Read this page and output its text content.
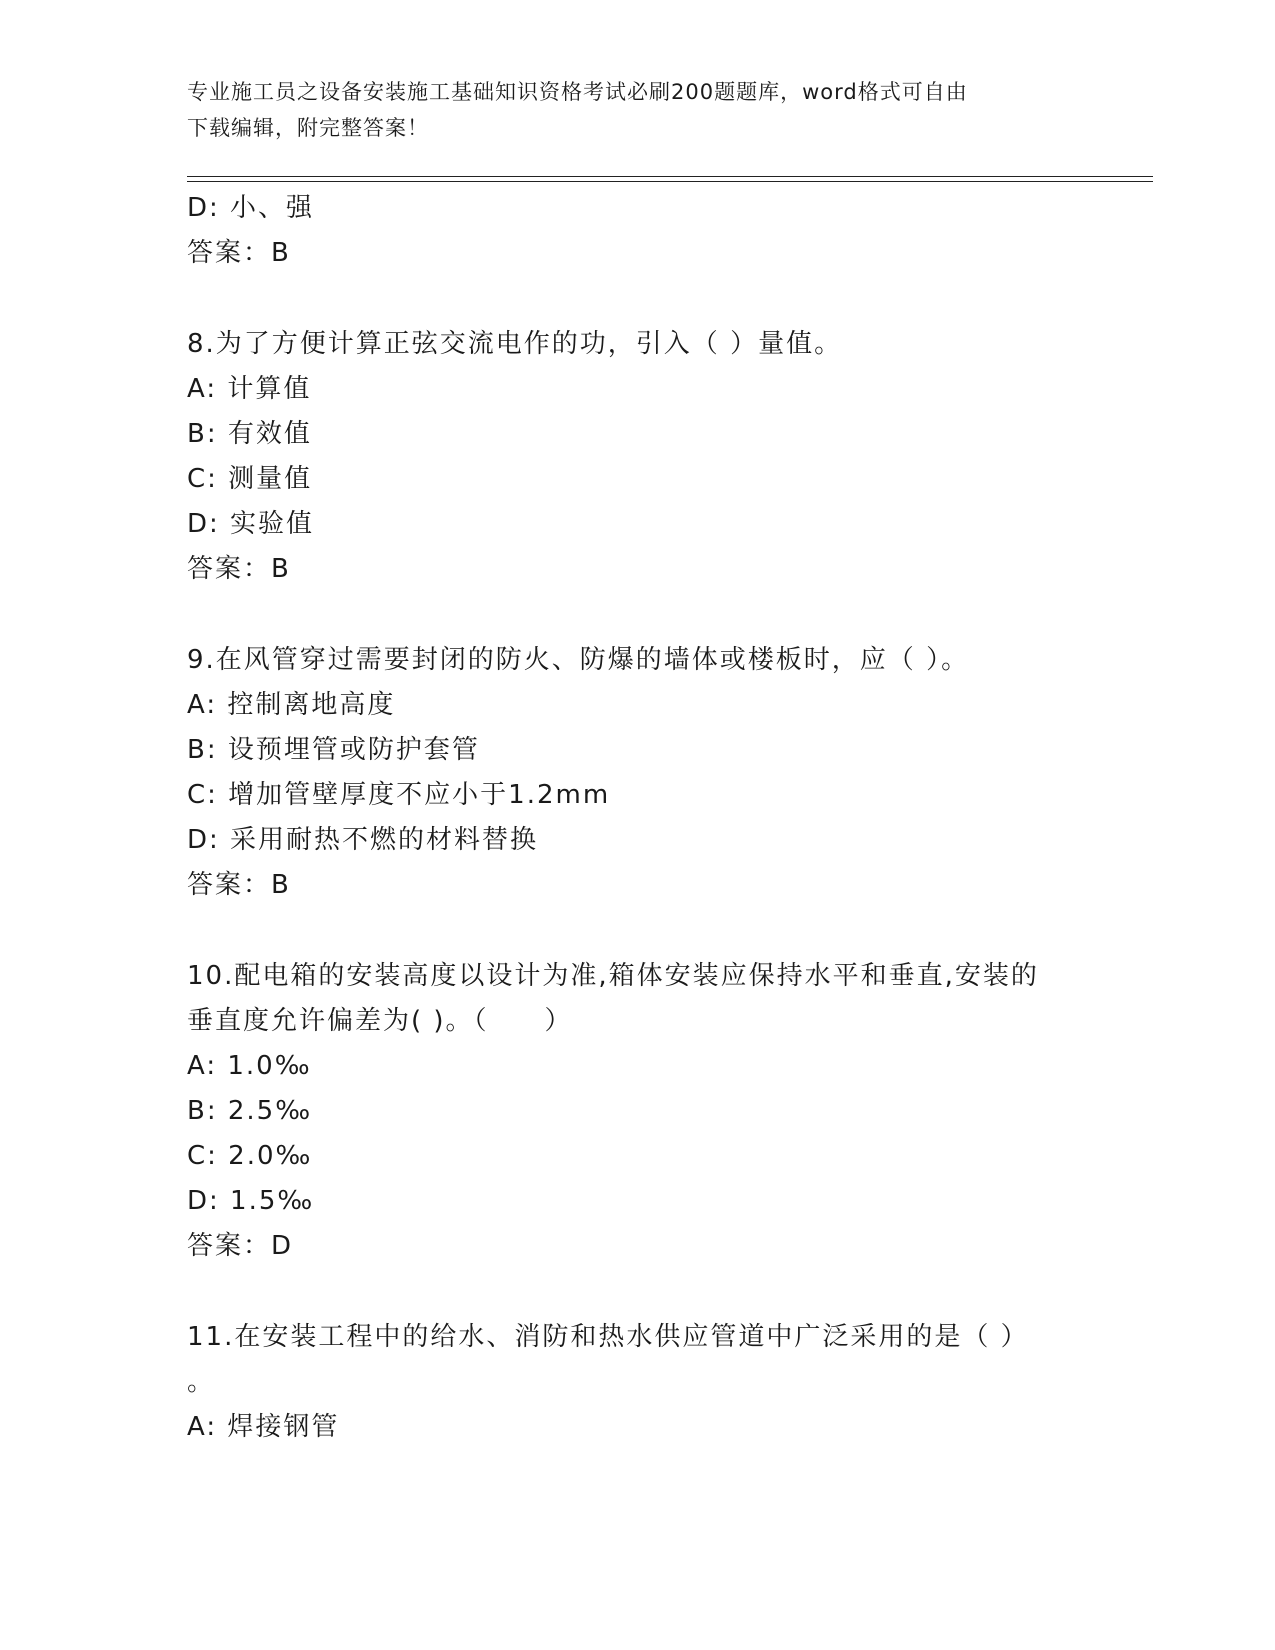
专业施工员之设备安装施工基础知识资格考试必刷200题题库，word格式可自由
下载编辑，附完整答案！
D: 小、强
答案：B
8.为了方便计算正弦交流电作的功，引入（ ）量值。
A: 计算值
B: 有效值
C: 测量值
D: 实验值
答案：B
9.在风管穿过需要封闭的防火、防爆的墙体或楼板时，应（ ）。
A: 控制离地高度
B: 设预埋管或防护套管
C: 增加管壁厚度不应小于1.2mm
D: 采用耐热不燃的材料替换
答案：B
10.配电箱的安装高度以设计为准,箱体安装应保持水平和垂直,安装的
垂直度允许偏差为( )。（　　）
A: 1.0‰
B: 2.5‰
C: 2.0‰
D: 1.5‰
答案：D
11.在安装工程中的给水、消防和热水供应管道中广泛采用的是（ ）
。
A: 焊接钢管
